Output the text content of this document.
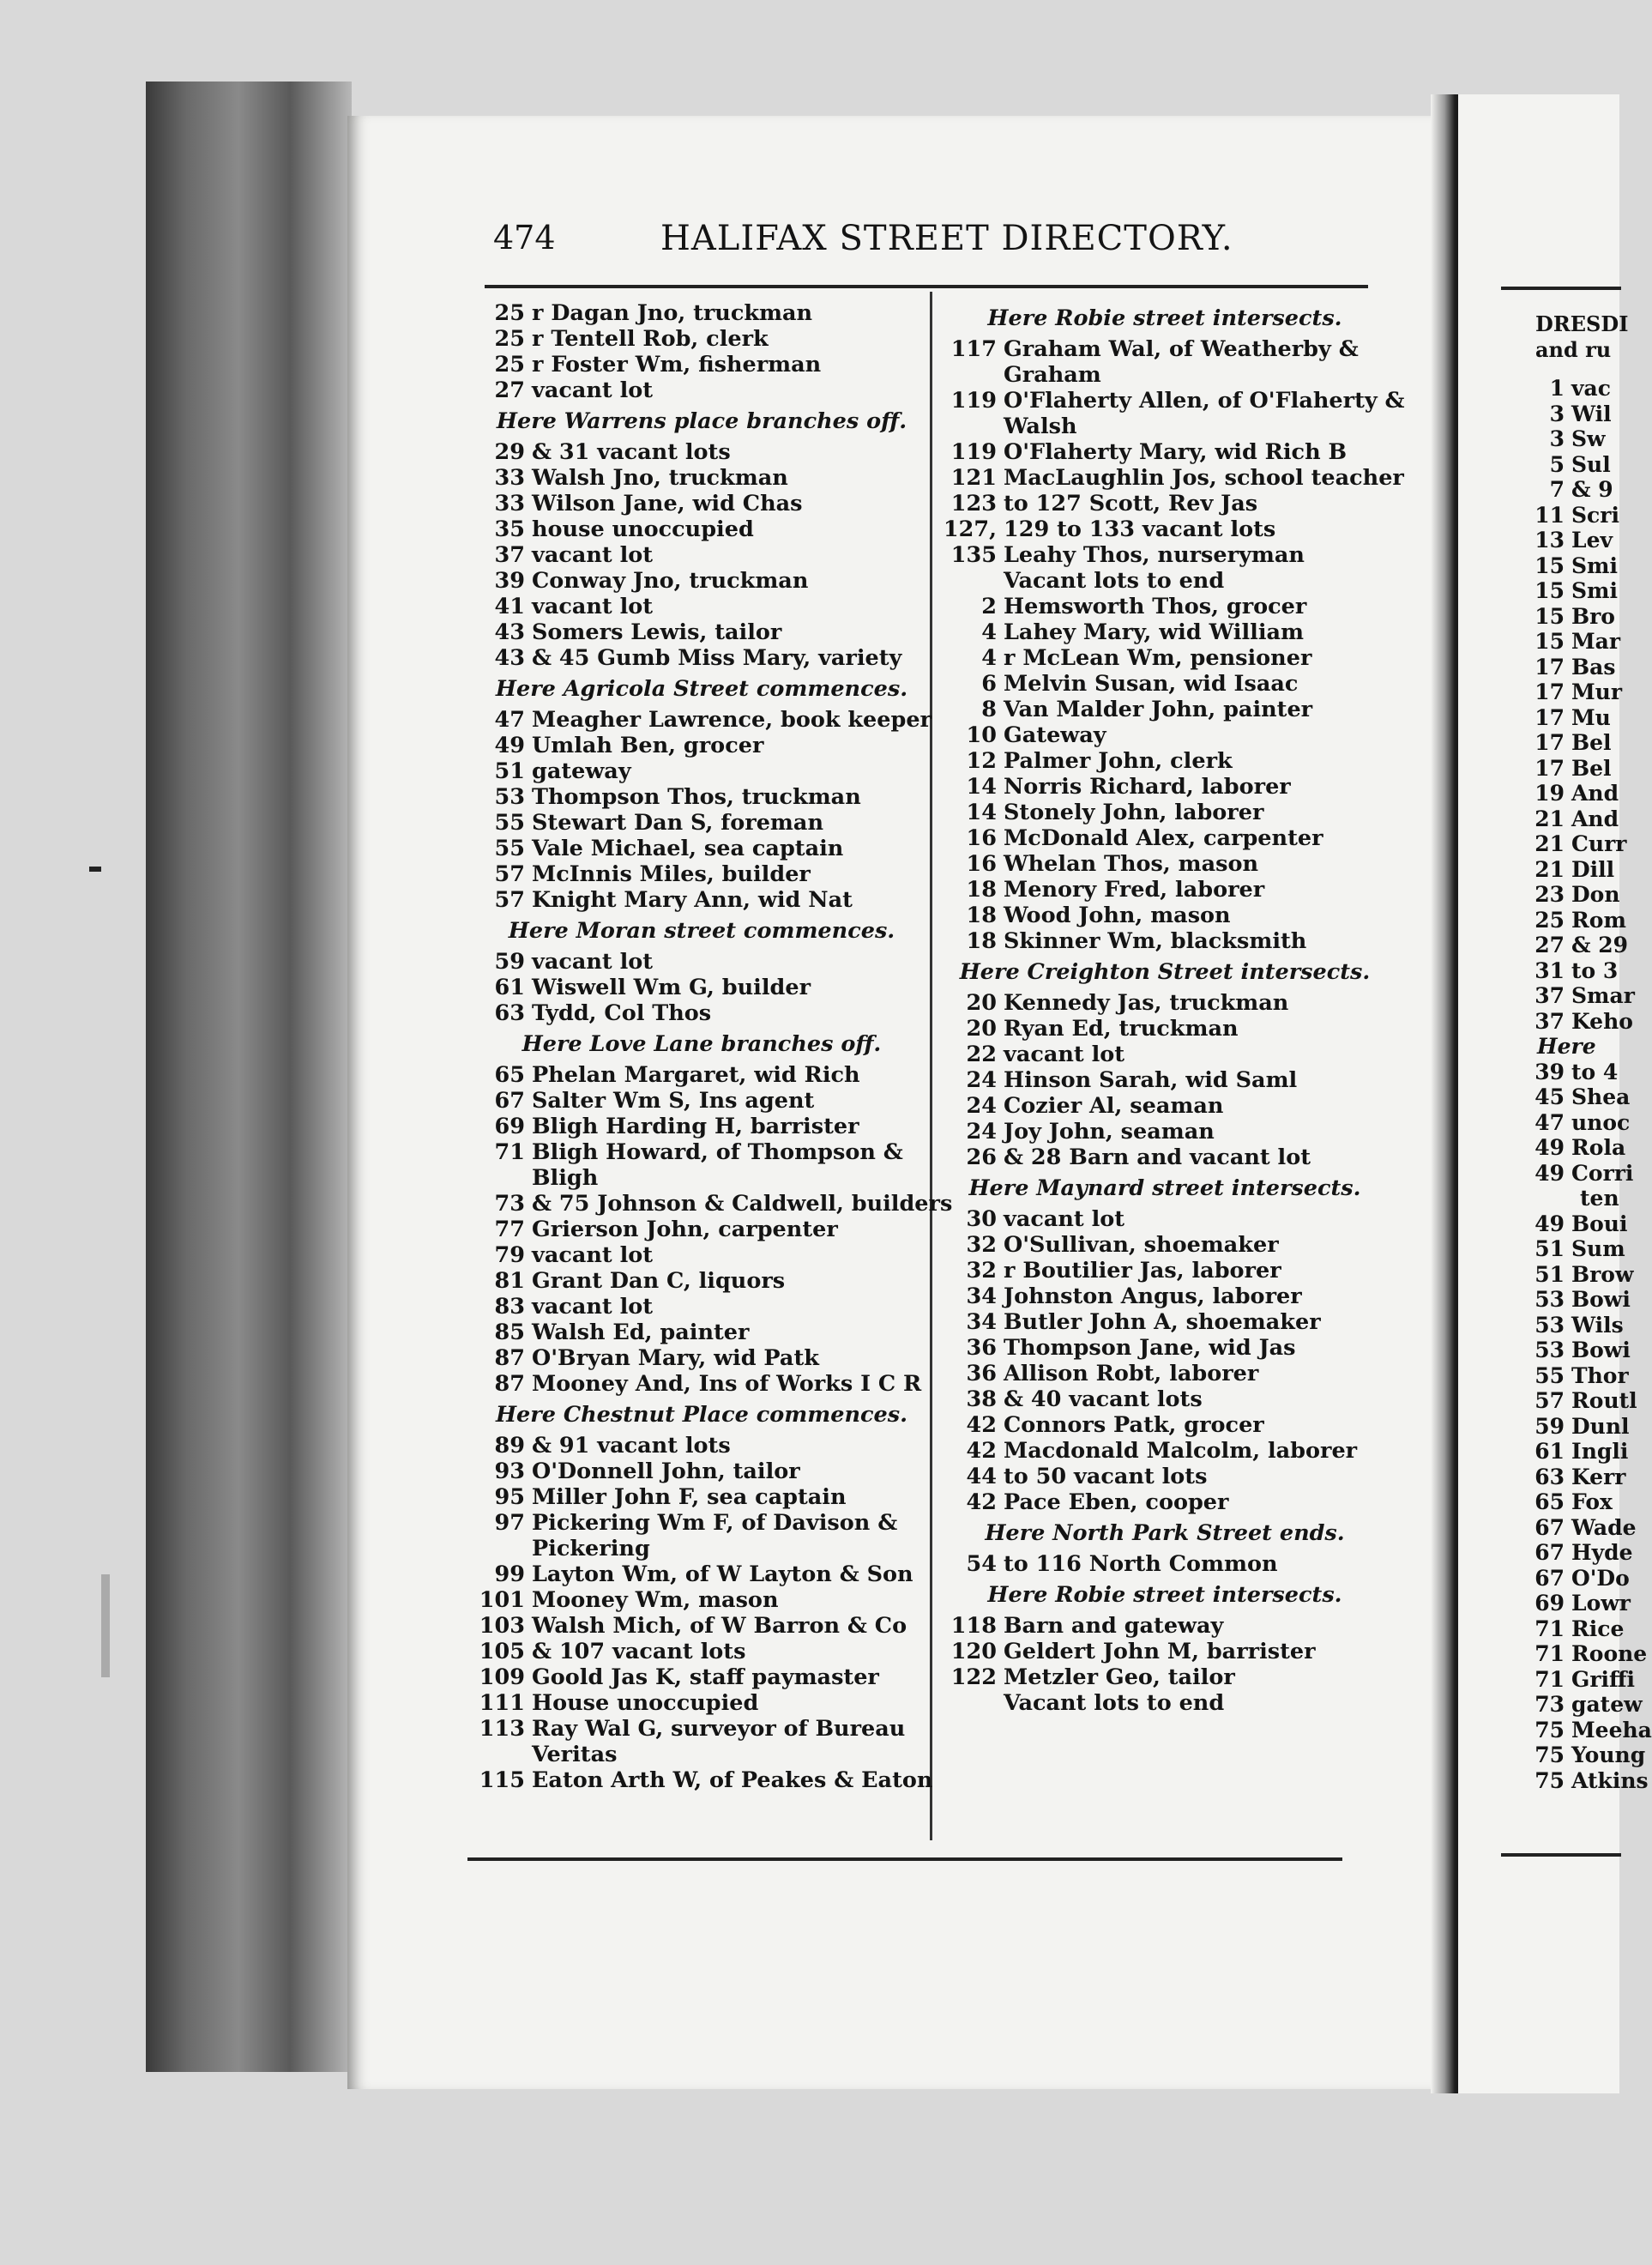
474	HALIFAX STREET DIRECTORY.
25 r Dagan Jno, truckman
25 r Tentell Rob, clerk
25 r Foster Wm, fisherman
27 vacant lot
Here Warrens place branches off.
29 & 31 vacant lots
33 Walsh Jno, truckman
33 Wilson Jane, wid Chas
35 house unoccupied
37 vacant lot
39 Conway Jno, truckman
41 vacant lot
43 Somers Lewis, tailor
43 & 45 Gumb Miss Mary, variety
Here Agricola Street commences.
47 Meagher Lawrence, book keeper
49 Umlah Ben, grocer
51 gateway
53 Thompson Thos, truckman
55 Stewart Dan S, foreman
55 Vale Michael, sea captain
57 McInnis Miles, builder
57 Knight Mary Ann, wid Nat
Here Moran street commences.
59 vacant lot
61 Wiswell Wm G, builder
63 Tydd, Col Thos
Here Love Lane branches off.
65 Phelan Margaret, wid Rich
67 Salter Wm S, Ins agent
69 Bligh Harding H, barrister
71 Bligh Howard, of Thompson &
Bligh
73 & 75 Johnson & Caldwell, builders
77 Grierson John, carpenter
79 vacant lot
81 Grant Dan C, liquors
83 vacant lot
85 Walsh Ed, painter
87 O'Bryan Mary, wid Patk
87 Mooney And, Ins of Works I C R
Here Chestnut Place commences.
89 & 91 vacant lots
93 O'Donnell John, tailor
95 Miller John F, sea captain
97 Pickering Wm F, of Davison &
Pickering
99 Layton Wm, of W Layton & Son
101 Mooney Wm, mason
103 Walsh Mich, of W Barron & Co
105 & 107 vacant lots
109 Goold Jas K, staff paymaster
111 House unoccupied
113 Ray Wal G, surveyor of Bureau
Veritas
115 Eaton Arth W, of Peakes & Eaton
Here Robie street intersects.
117 Graham Wal, of Weatherby &
Graham
119 O'Flaherty Allen, of O'Flaherty &
Walsh
119 O'Flaherty Mary, wid Rich B
121 MacLaughlin Jos, school teacher
123 to 127 Scott, Rev Jas
127, 129 to 133 vacant lots
135 Leahy Thos, nurseryman
Vacant lots to end
2 Hemsworth Thos, grocer
4 Lahey Mary, wid William
4 r McLean Wm, pensioner
6 Melvin Susan, wid Isaac
8 Van Malder John, painter
10 Gateway
12 Palmer John, clerk
14 Norris Richard, laborer
14 Stonely John, laborer
16 McDonald Alex, carpenter
16 Whelan Thos, mason
18 Menory Fred, laborer
18 Wood John, mason
18 Skinner Wm, blacksmith
Here Creighton Street intersects.
20 Kennedy Jas, truckman
20 Ryan Ed, truckman
22 vacant lot
24 Hinson Sarah, wid Saml
24 Cozier Al, seaman
24 Joy John, seaman
26 & 28 Barn and vacant lot
Here Maynard street intersects.
30 vacant lot
32 O'Sullivan, shoemaker
32 r Boutilier Jas, laborer
34 Johnston Angus, laborer
34 Butler John A, shoemaker
36 Thompson Jane, wid Jas
36 Allison Robt, laborer
38 & 40 vacant lots
42 Connors Patk, grocer
42 Macdonald Malcolm, laborer
44 to 50 vacant lots
42 Pace Eben, cooper
Here North Park Street ends.
54 to 116 North Common
Here Robie street intersects.
118 Barn and gateway
120 Geldert John M, barrister
122 Metzler Geo, tailor
Vacant lots to end
DRESDI
and ru
1 vac
3 Wil
3 Sw
5 Sul
7 & 9
11 Scri
13 Lev
15 Smi
15 Smi
15 Bro
15 Mar
17 Bas
17 Mur
17 Mu
17 Bel
17 Bel
19 And
21 And
21 Curr
21 Dill
23 Don
25 Rom
27 & 29
31 to 3
37 Smar
37 Keho
Here
39 to 4
45 Shea
47 unoc
49 Rola
49 Corri
ten
49 Boui
51 Sum
51 Brow
53 Bowi
53 Wils
53 Bowi
55 Thor
57 Routl
59 Dunl
61 Ingli
63 Kerr
65 Fox
67 Wade
67 Hyde
67 O'Do
69 Lowr
71 Rice
71 Roone
71 Griffi
73 gatew
75 Meeha
75 Young
75 Atkins
